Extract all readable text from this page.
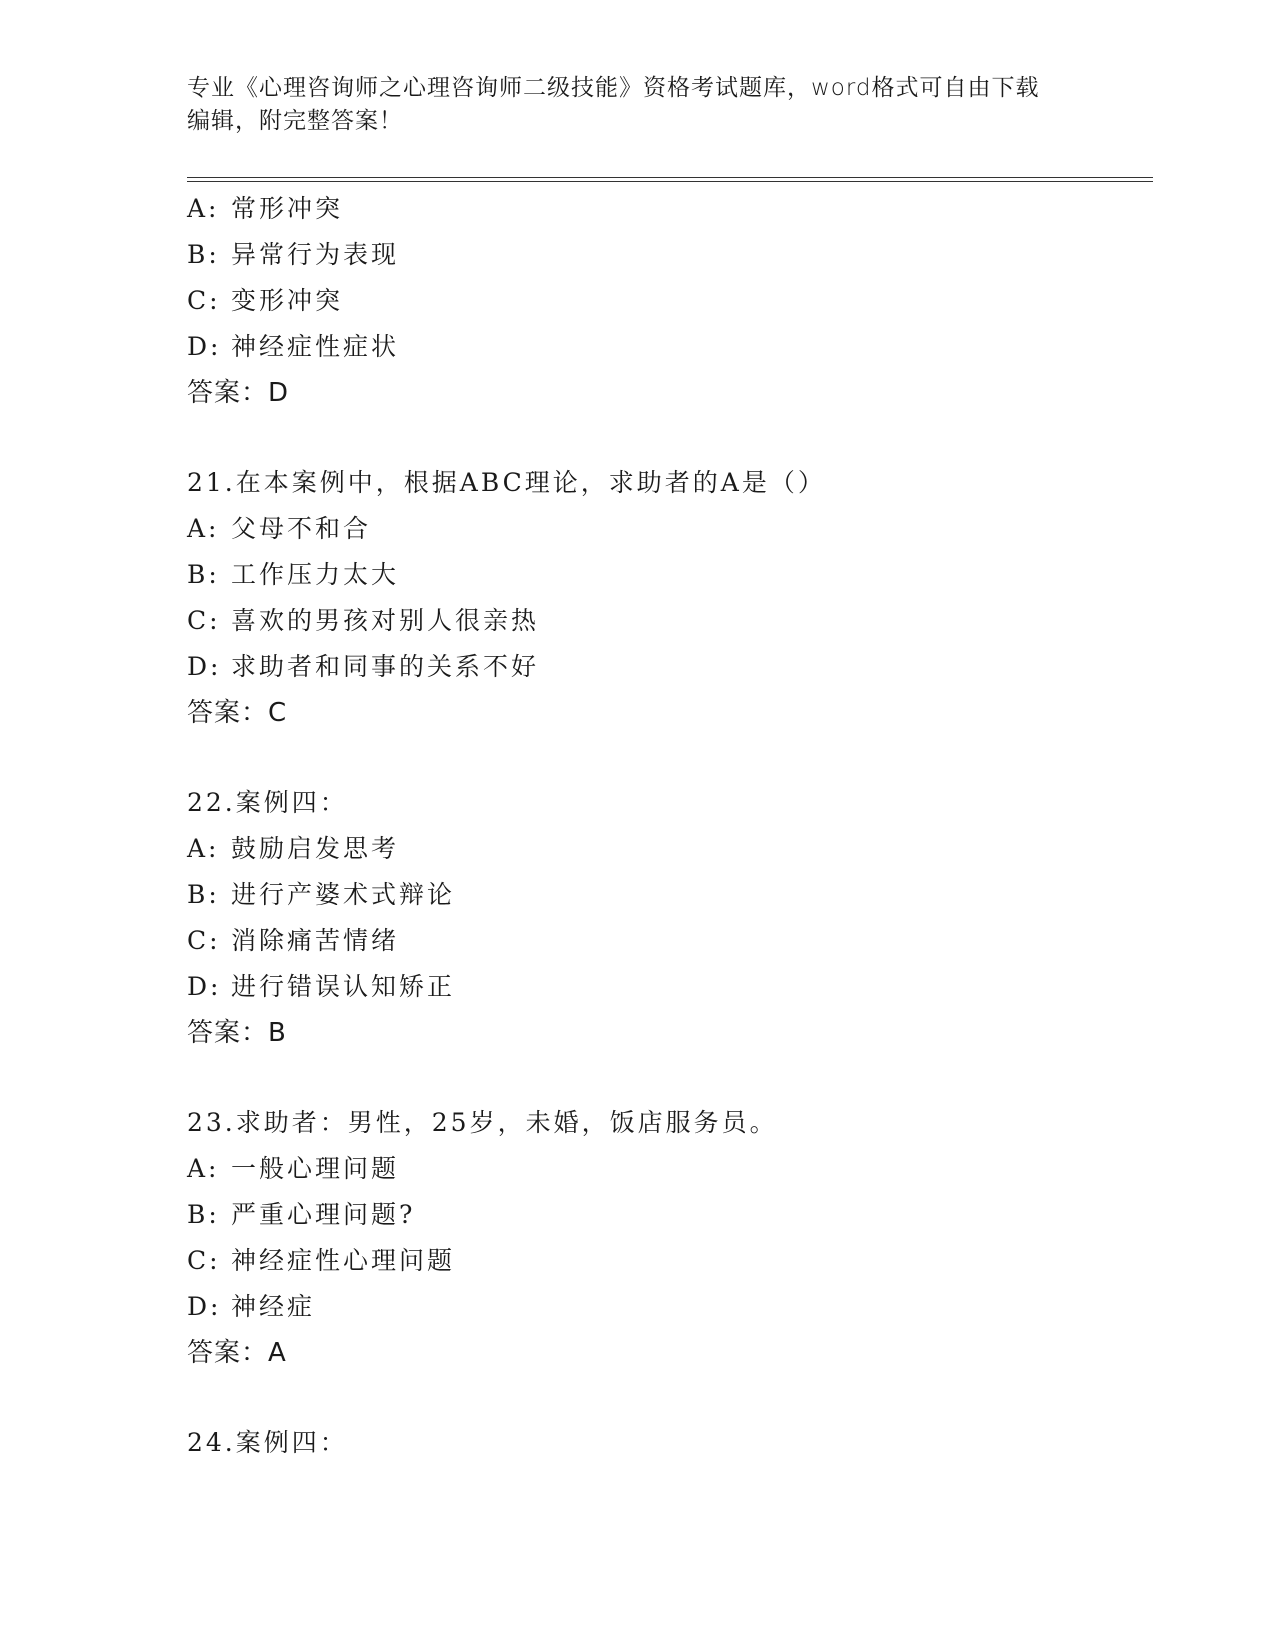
专业《心理咨询师之心理咨询师二级技能》资格考试题库，word格式可自由下载
编辑，附完整答案！
A: 常形冲突
B: 异常行为表现
C: 变形冲突
D: 神经症性症状
答案：D
21.在本案例中，根据ABC理论，求助者的A是（）
A: 父母不和合
B: 工作压力太大
C: 喜欢的男孩对别人很亲热
D: 求助者和同事的关系不好
答案：C
22.案例四：
A: 鼓励启发思考
B: 进行产婆术式辩论
C: 消除痛苦情绪
D: 进行错误认知矫正
答案：B
23.求助者：男性，25岁，未婚，饭店服务员。
A: 一般心理问题
B: 严重心理问题?
C: 神经症性心理问题
D: 神经症
答案：A
24.案例四：
